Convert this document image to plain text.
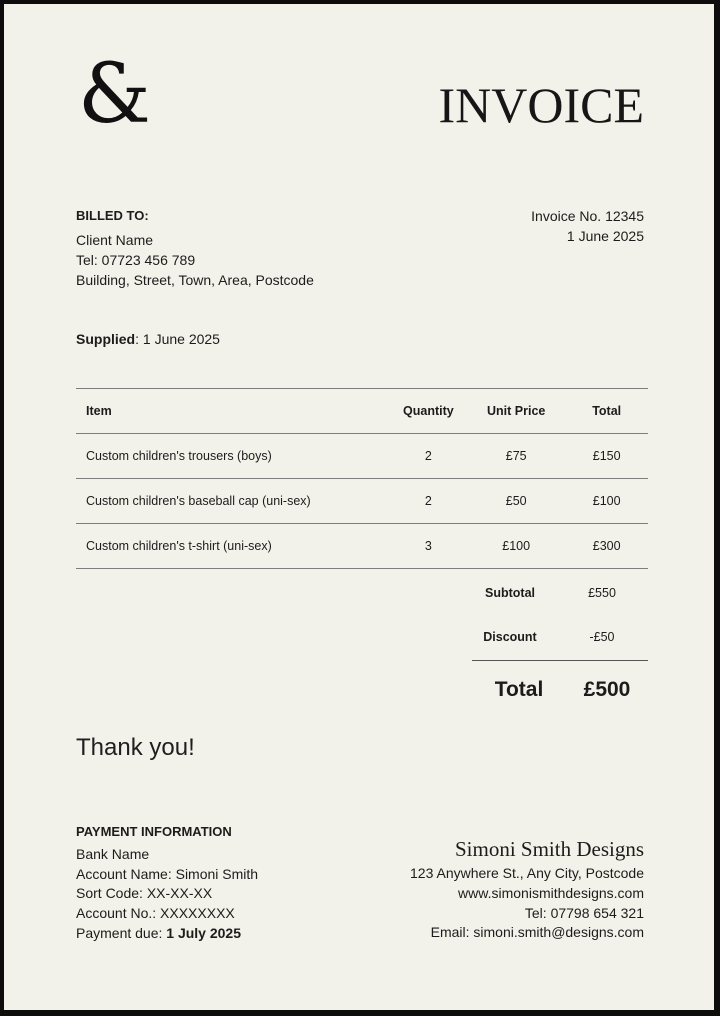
&	INVOICE
BILLED TO:
Client Name
Tel: 07723 456 789
Building, Street, Town, Area, Postcode
Invoice No. 12345
1 June 2025
Supplied: 1 June 2025
Item	Quantity	Unit Price	Total
Custom children's trousers (boys)	2	£75	£150
Custom children's baseball cap (uni-sex)	2	£50	£100
Custom children's t-shirt (uni-sex)	3	£100	£300
Subtotal	£550
Discount	-£50
Total	£500
Thank you!
PAYMENT INFORMATION
Bank Name
Account Name: Simoni Smith
Sort Code: XX-XX-XX
Account No.: XXXXXXXX
Payment due: 1 July 2025
Simoni Smith Designs
123 Anywhere St., Any City, Postcode
www.simonismithdesigns.com
Tel: 07798 654 321
Email: simoni.smith@designs.com
